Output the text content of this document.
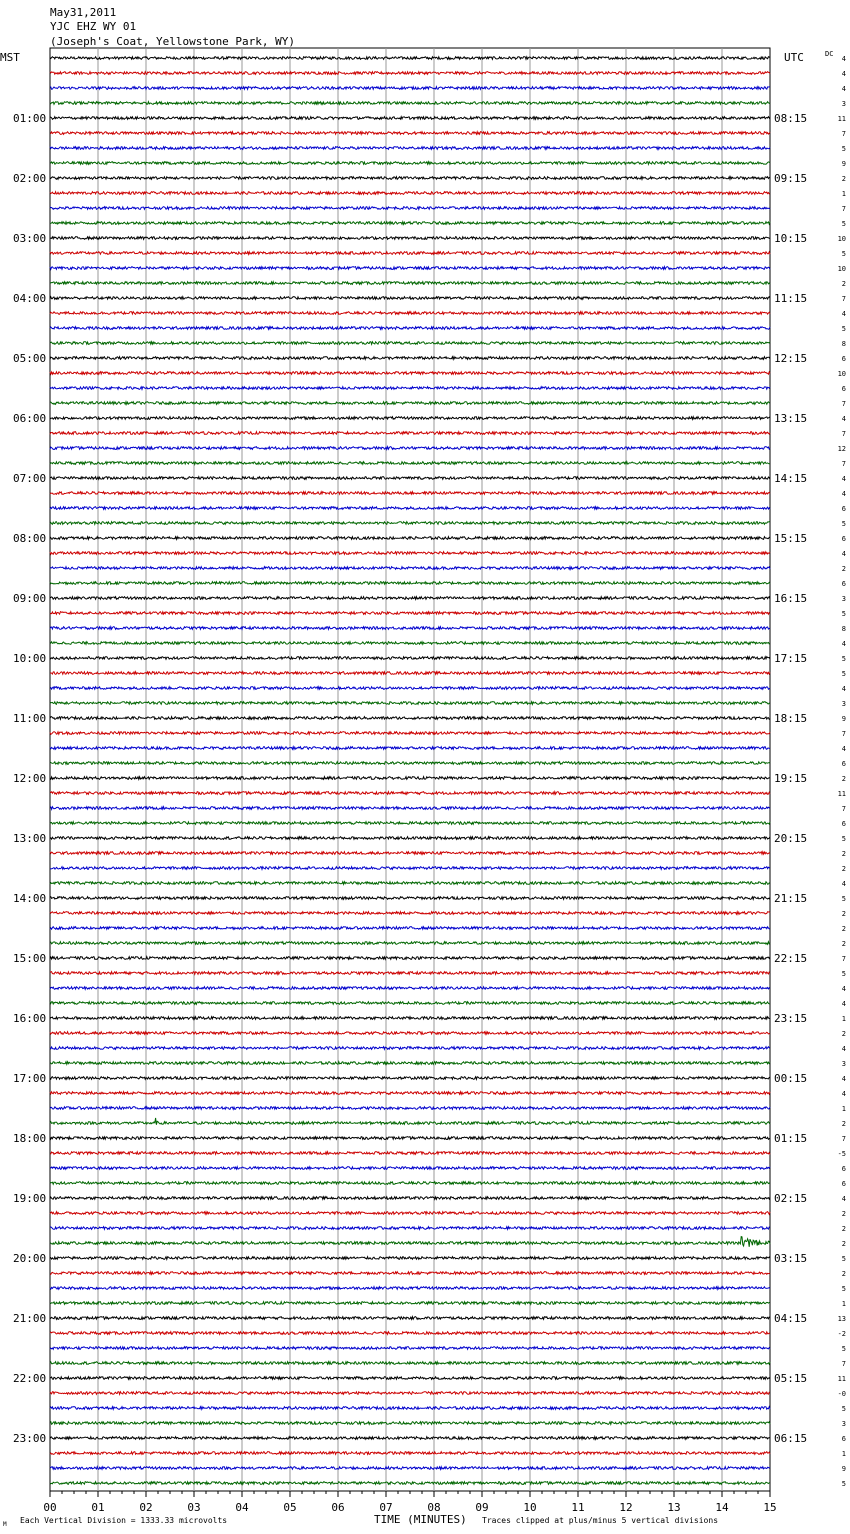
May31,2011
YJC EHZ WY 01
(Joseph's Coat, Yellowstone Park, WY)
MST	UTC	DC
01:00
02:00
03:00
04:00
05:00
06:00
07:00
08:00
09:00
10:00
11:00
12:00
13:00
14:00
15:00
16:00
17:00
18:00
19:00
20:00
21:00
22:00
23:00
08:15
09:15
10:15
11:15
12:15
13:15
14:15
15:15
16:15
17:15
18:15
19:15
20:15
21:15
22:15
23:15
00:15
01:15
02:15
03:15
04:15
05:15
06:15
4
4
4
3
11
7
5
9
2
1
7
5
10
5
10
2
7
4
5
8
6
10
6
7
4
7
12
7
4
4
6
5
6
4
2
6
3
5
8
4
5
5
4
3
9
7
4
6
2
11
7
6
5
2
2
4
5
2
2
2
7
5
4
4
1
2
4
3
4
4
1
2
7
-5
6
6
4
2
2
2
5
2
5
1
13
-2
5
7
11
-0
5
3
6
1
9
5
00	01	02	03	04	05	06	07	08	09	10	11	12	13	14	15
M Each Vertical Division = 1333.33 microvolts	TIME (MINUTES) Traces clipped at plus/minus 5 vertical divisions
